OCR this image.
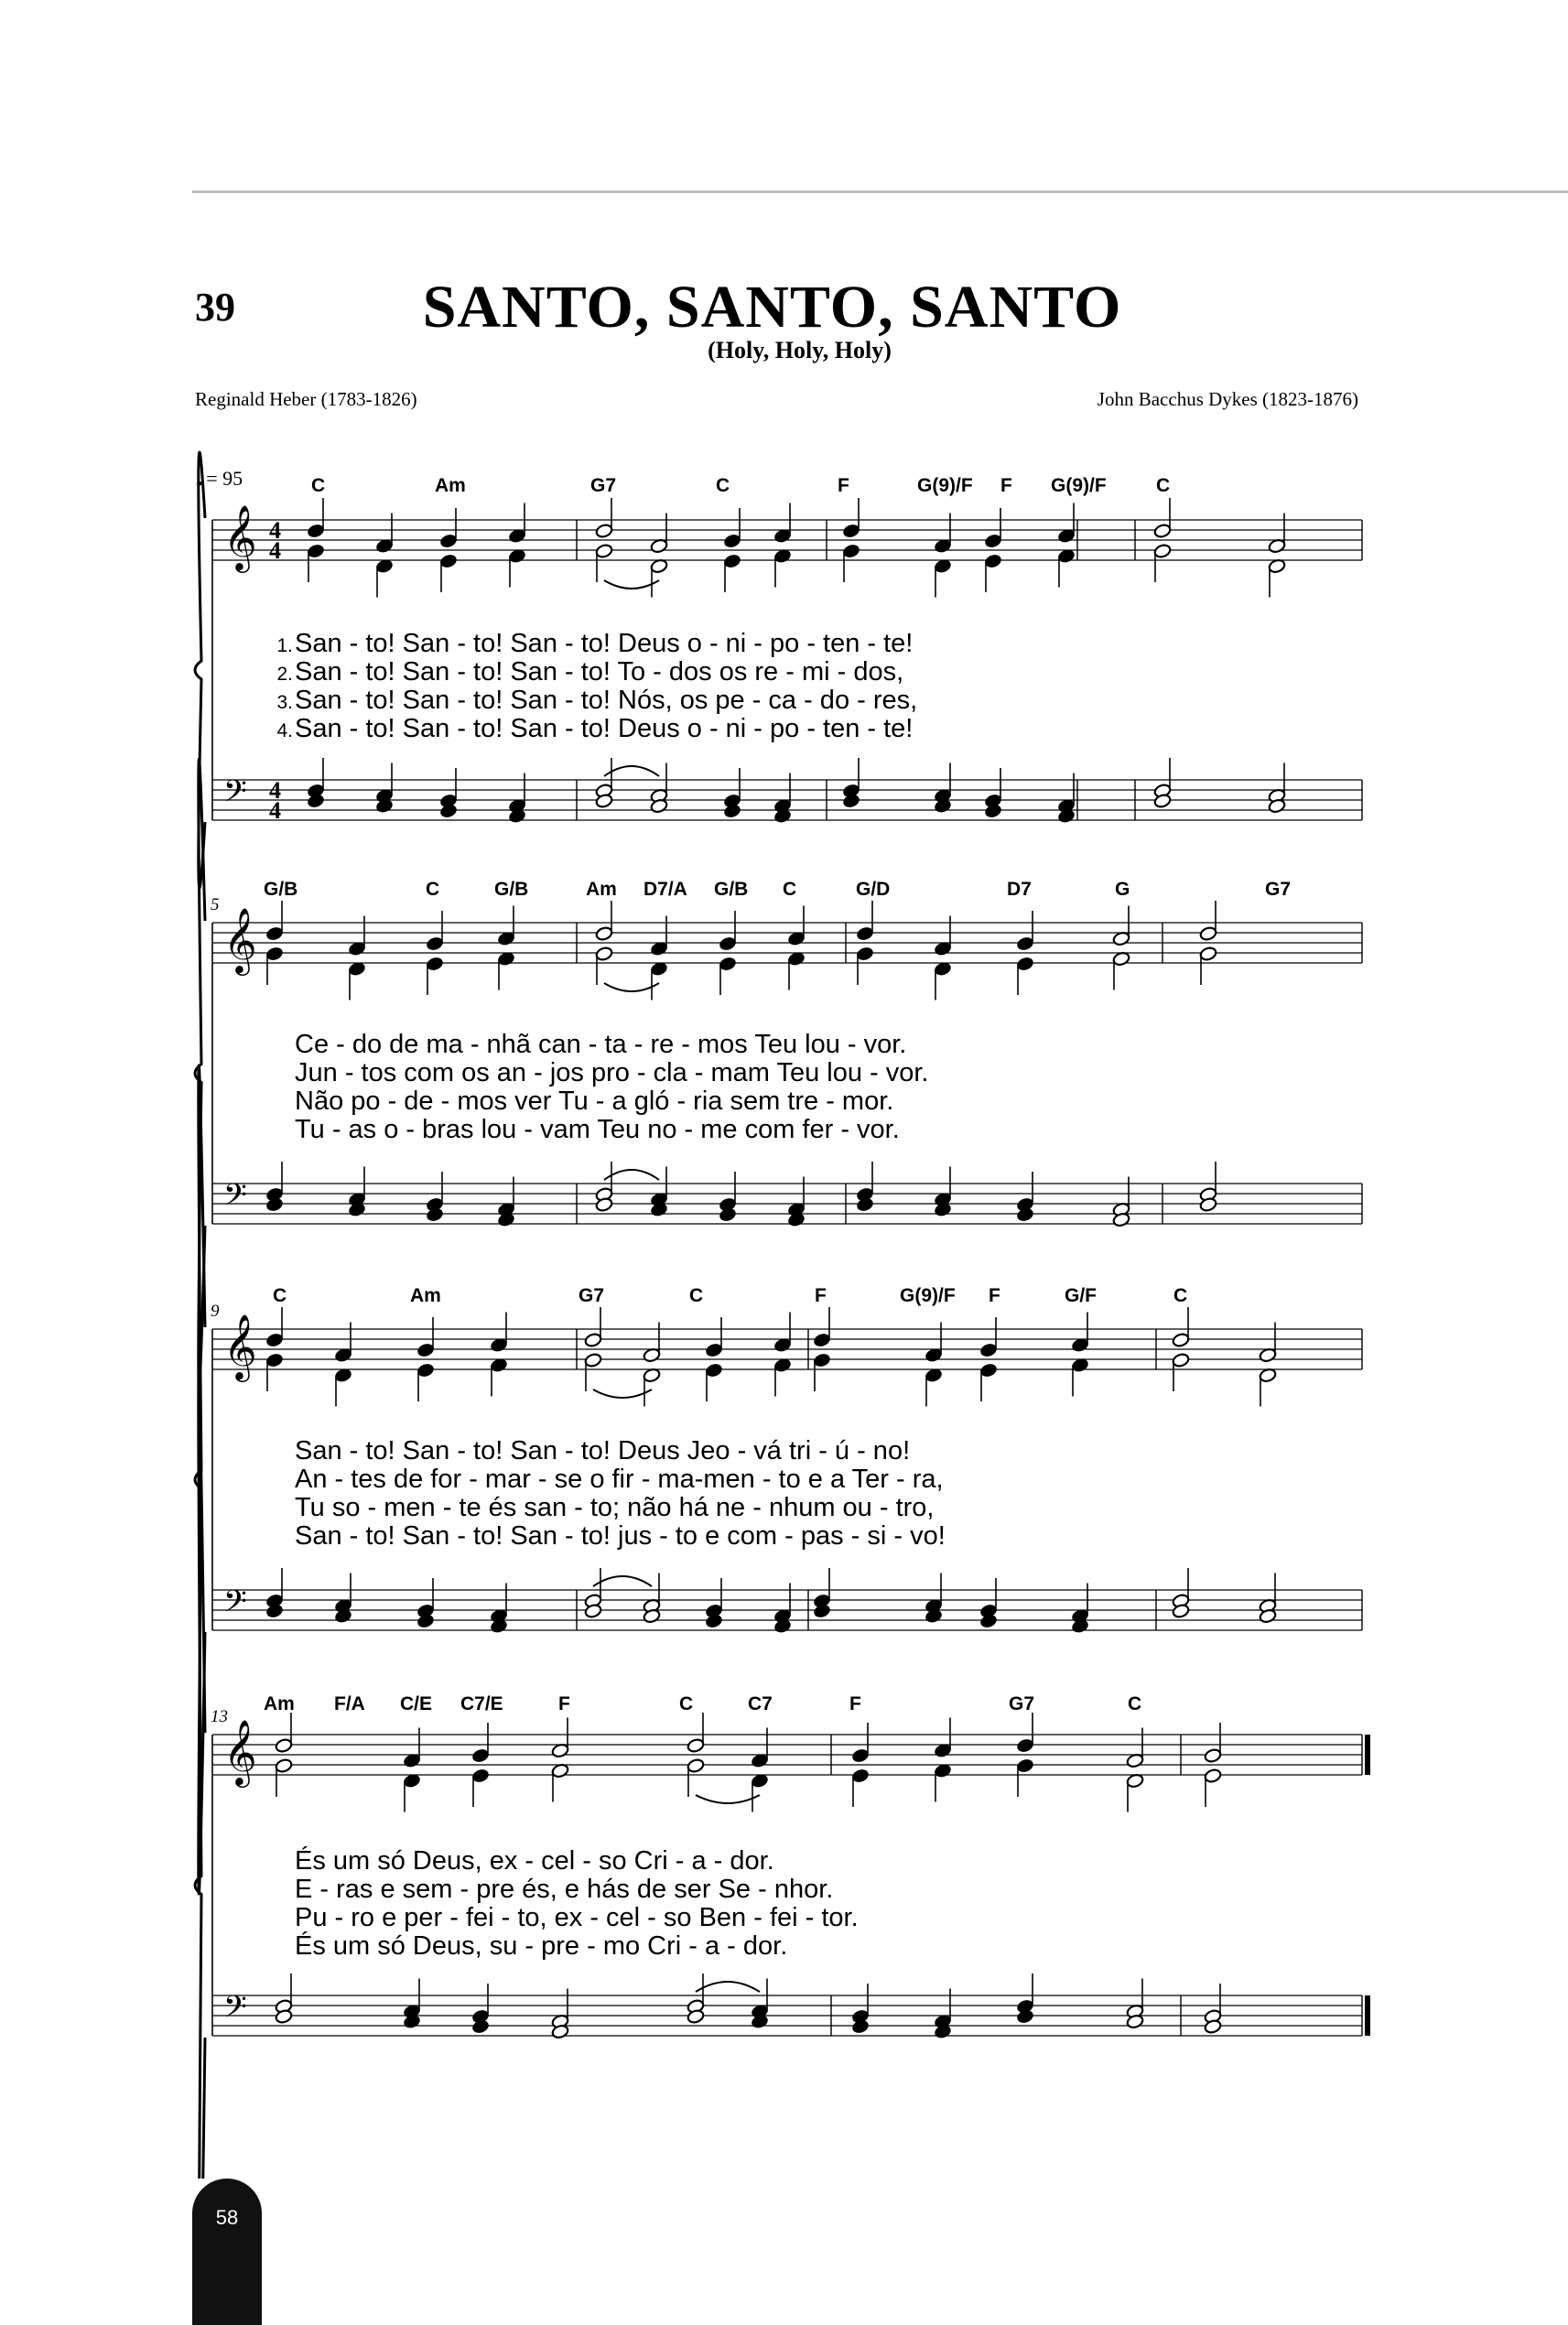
39	SANTO, SANTO, SANTO
(Holy, Holy, Holy)
Reginald Heber (1783-1826)	John Bacchus Dykes (1823-1876)
♩= 95
𝄞
𝄢
4
4
4
4
C	Am	G7	C	F	G(9)/F F G(9)/F	C
1. San - to! San - to! San - to! Deus o - ni - po - ten - te!
2. San - to! San - to! San - to! To - dos os re - mi - dos,
3. San - to! San - to! San - to! Nós, os pe - ca - do - res,
4. San - to! San - to! San - to! Deus o - ni - po - ten - te!
𝄞
𝄢
5
G/B	C	G/B	Am D7/A G/B C	G/D	D7	G	G7
Ce - do de ma - nhã can - ta - re - mos Teu lou - vor.
Jun - tos com os an - jos pro - cla - mam Teu lou - vor.
Não po - de - mos ver Tu - a gló - ria sem tre - mor.
Tu - as o - bras lou - vam Teu no - me com fer - vor.
𝄞
𝄢
9
C	Am	G7	C	F	G(9)/F F	G/F	C
San - to! San - to! San - to! Deus Jeo - vá tri - ú - no!
An - tes de for - mar - se o fir - ma-men - to e a Ter - ra,
Tu so - men - te és san - to; não há ne - nhum ou - tro,
San - to! San - to! San - to! jus - to e com - pas - si - vo!
𝄞
𝄢
13
Am F/A C/E C7/E	F	C	C7	F	G7	C
És um só Deus, ex - cel - so Cri - a - dor.
E - ras e sem - pre és, e hás de ser Se - nhor.
Pu - ro e per - fei - to, ex - cel - so Ben - fei - tor.
És um só Deus, su - pre - mo Cri - a - dor.
58
